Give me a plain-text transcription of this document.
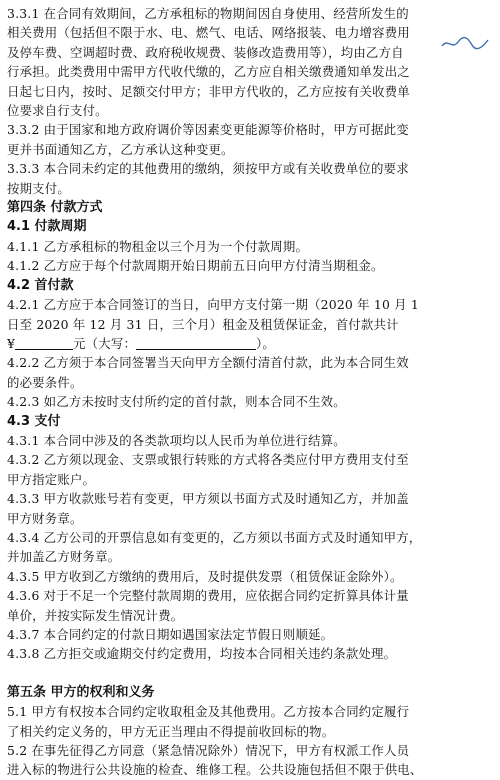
3.3.1 在合同有效期间，乙方承租标的物期间因自身使用、经营所发生的

相关费用（包括但不限于水、电、燃气、电话、网络报装、电力增容费用

及停车费、空调超时费、政府税收规费、装修改造费用等），均由乙方自

行承担。此类费用中需甲方代收代缴的，乙方应自相关缴费通知单发出之

日起七日内，按时、足额交付甲方；非甲方代收的，乙方应按有关收费单

位要求自行支付。

3.3.2 由于国家和地方政府调价等因素变更能源等价格时，甲方可据此变

更并书面通知乙方，乙方承认这种变更。

3.3.3 本合同未约定的其他费用的缴纳，须按甲方或有关收费单位的要求

按期支付。

第四条 付款方式

4.1 付款周期

4.1.1 乙方承租标的物租金以三个月为一个付款周期。

4.1.2 乙方应于每个付款周期开始日期前五日向甲方付清当期租金。

4.2 首付款

4.2.1 乙方应于本合同签订的当日，向甲方支付第一期（2020 年 10 月 1

日至 2020 年 12 月 31 日，三个月）租金及租赁保证金，首付款共计

¥	元（大写：	）。

4.2.2 乙方须于本合同签署当天向甲方全额付清首付款，此为本合同生效

的必要条件。

4.2.3 如乙方未按时支付所约定的首付款，则本合同不生效。

4.3 支付

4.3.1 本合同中涉及的各类款项均以人民币为单位进行结算。

4.3.2 乙方须以现金、支票或银行转账的方式将各类应付甲方费用支付至

甲方指定账户。

4.3.3 甲方收款账号若有变更，甲方须以书面方式及时通知乙方，并加盖

甲方财务章。

4.3.4 乙方公司的开票信息如有变更的，乙方须以书面方式及时通知甲方，

并加盖乙方财务章。

4.3.5 甲方收到乙方缴纳的费用后，及时提供发票（租赁保证金除外）。

4.3.6 对于不足一个完整付款周期的费用，应依据合同约定折算具体计量

单价，并按实际发生情况计费。

4.3.7 本合同约定的付款日期如遇国家法定节假日则顺延。

4.3.8 乙方拒交或逾期交付约定费用，均按本合同相关违约条款处理。

第五条 甲方的权利和义务

5.1 甲方有权按本合同约定收取租金及其他费用。乙方按本合同约定履行

了相关约定义务的，甲方无正当理由不得提前收回标的物。

5.2 在事先征得乙方同意（紧急情况除外）情况下，甲方有权派工作人员

进入标的物进行公共设施的检查、维修工程。公共设施包括但不限于供电、
